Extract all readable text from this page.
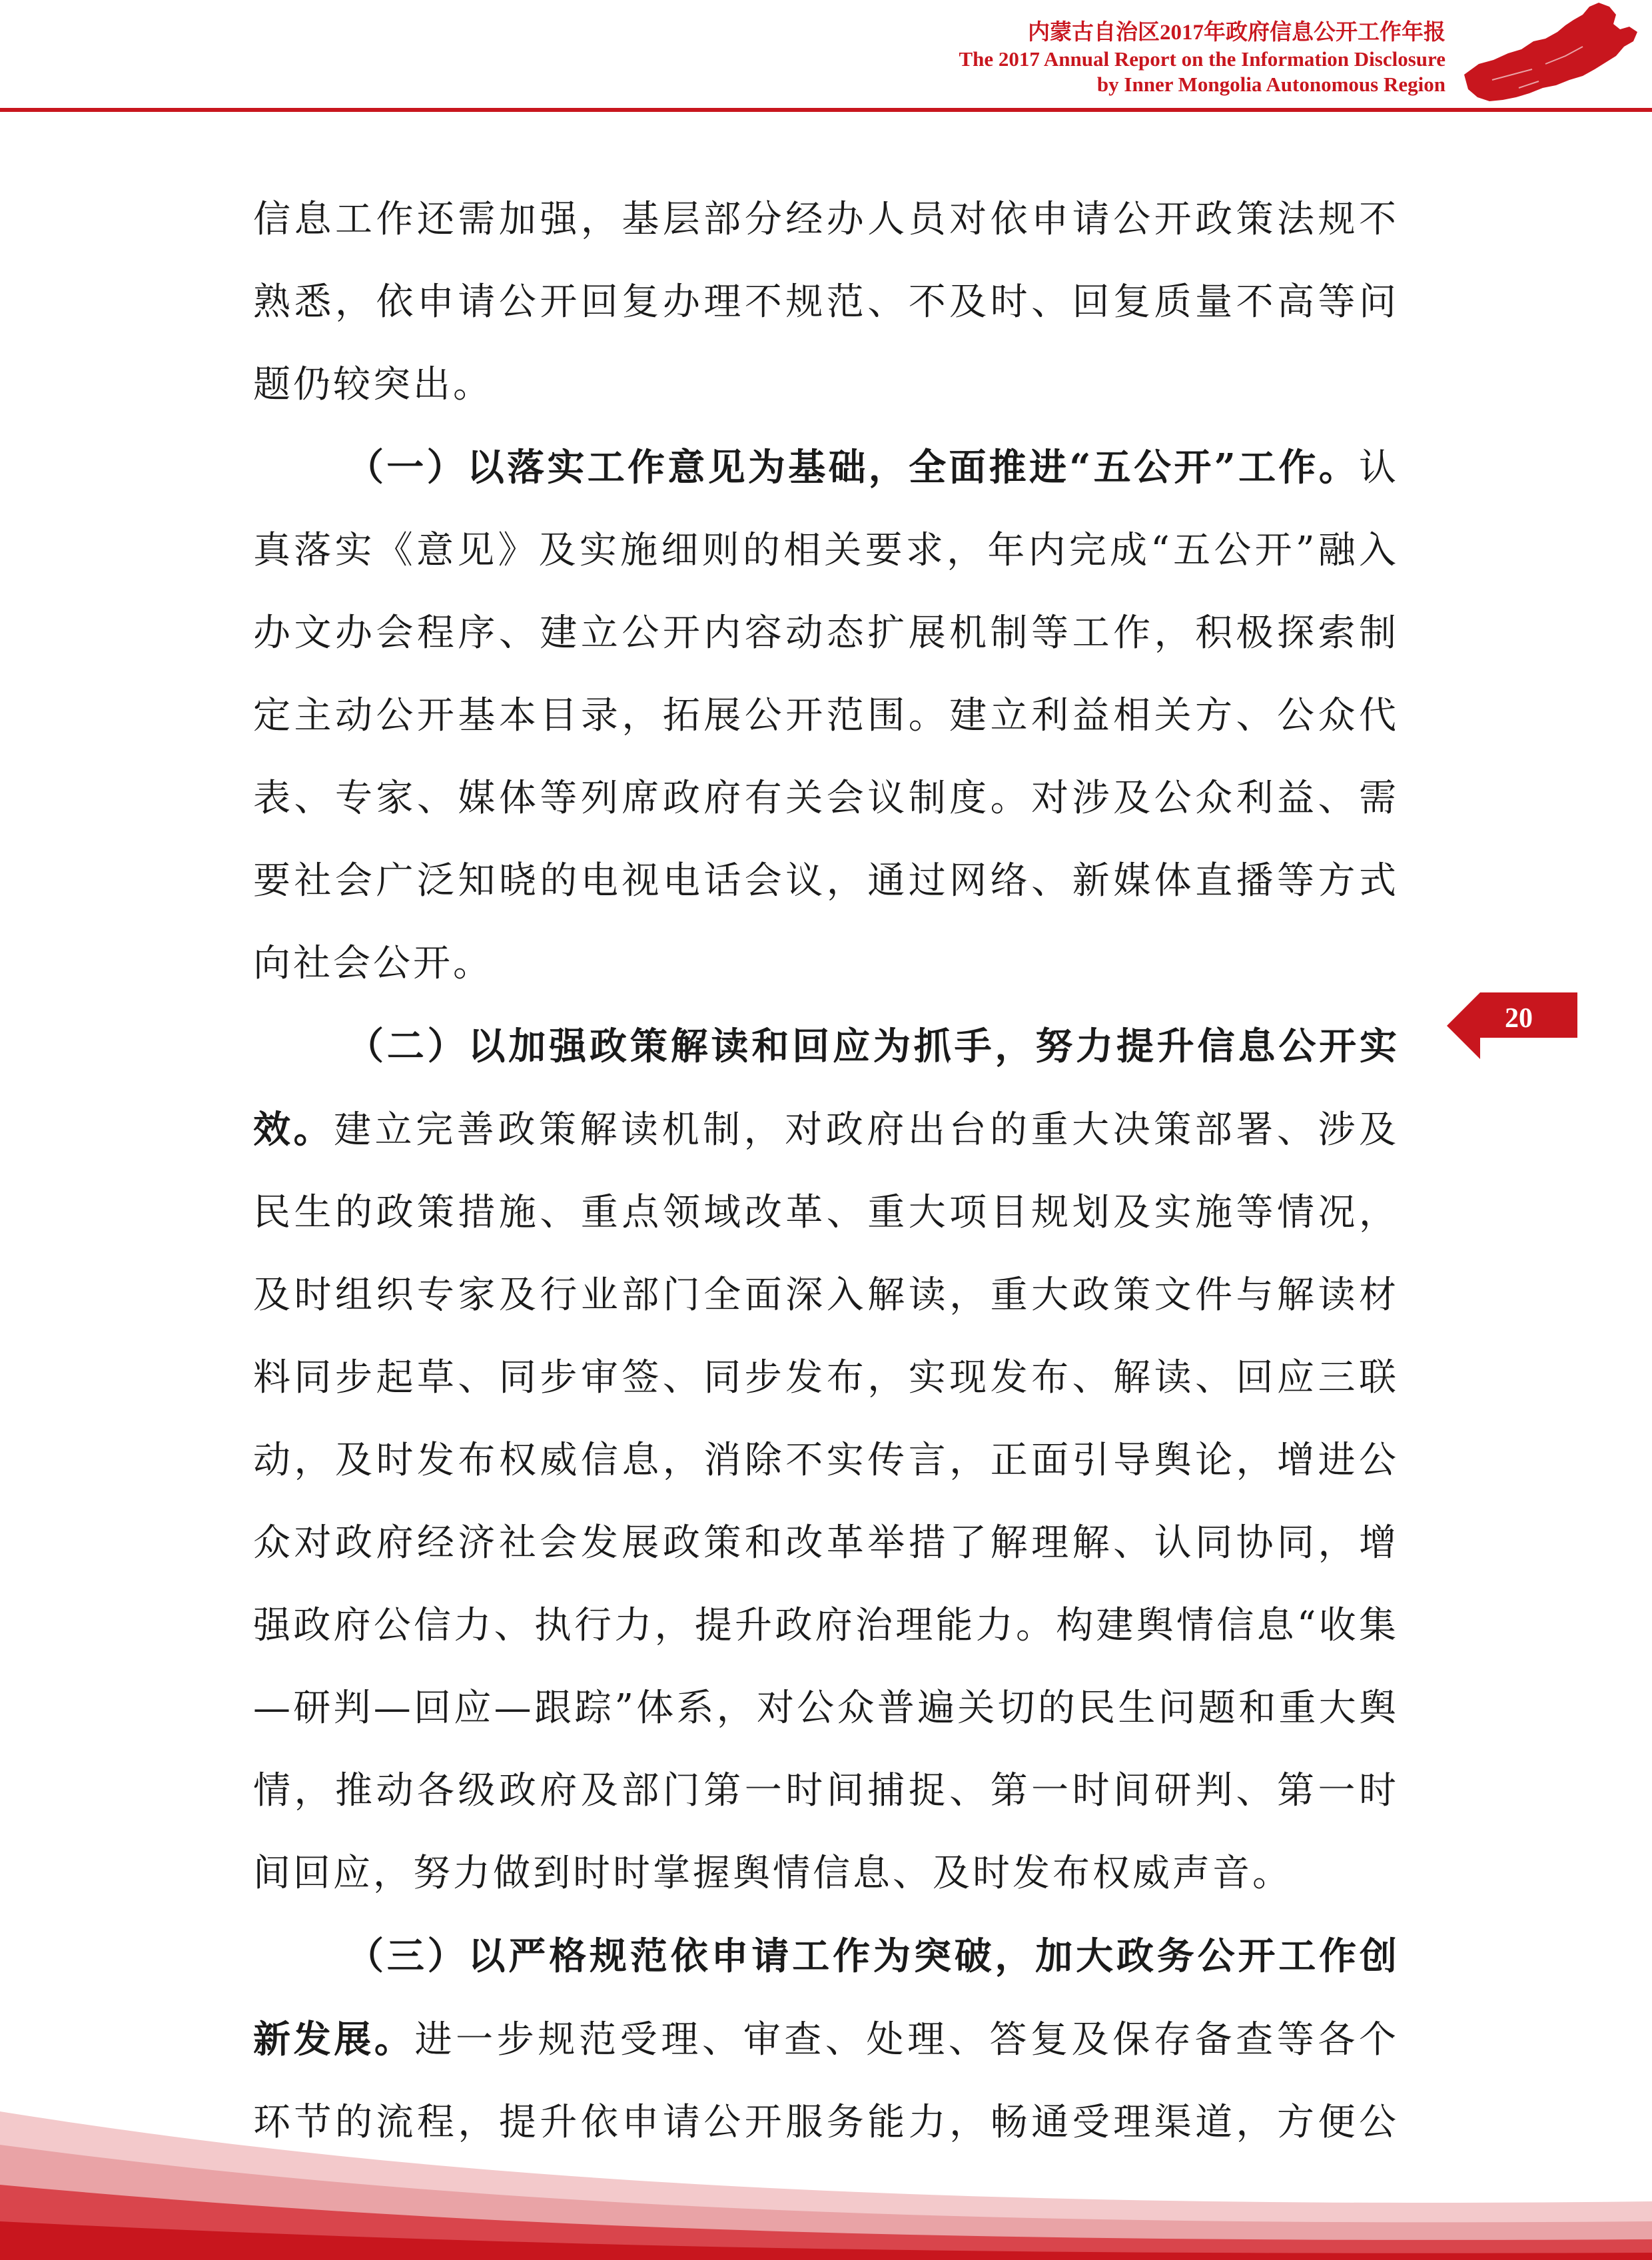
内蒙古自治区2017年政府信息公开工作年报
The 2017 Annual Report on the Information Disclosure
by Inner Mongolia Autonomous Region

信息工作还需加强，基层部分经办人员对依申请公开政策法规不熟悉，依申请公开回复办理不规范、不及时、回复质量不高等问题仍较突出。

（一）以落实工作意见为基础，全面推进“五公开”工作。认真落实《意见》及实施细则的相关要求，年内完成“五公开”融入办文办会程序、建立公开内容动态扩展机制等工作，积极探索制定主动公开基本目录，拓展公开范围。建立利益相关方、公众代表、专家、媒体等列席政府有关会议制度。对涉及公众利益、需要社会广泛知晓的电视电话会议，通过网络、新媒体直播等方式向社会公开。

（二）以加强政策解读和回应为抓手，努力提升信息公开实效。建立完善政策解读机制，对政府出台的重大决策部署、涉及民生的政策措施、重点领域改革、重大项目规划及实施等情况，及时组织专家及行业部门全面深入解读，重大政策文件与解读材料同步起草、同步审签、同步发布，实现发布、解读、回应三联动，及时发布权威信息，消除不实传言，正面引导舆论，增进公众对政府经济社会发展政策和改革举措了解理解、认同协同，增强政府公信力、执行力，提升政府治理能力。构建舆情信息“收集—研判—回应—跟踪”体系，对公众普遍关切的民生问题和重大舆情，推动各级政府及部门第一时间捕捉、第一时间研判、第一时间回应，努力做到时时掌握舆情信息、及时发布权威声音。

（三）以严格规范依申请工作为突破，加大政务公开工作创新发展。进一步规范受理、审查、处理、答复及保存备查等各个环节的流程，提升依申请公开服务能力，畅通受理渠道，方便公

20
